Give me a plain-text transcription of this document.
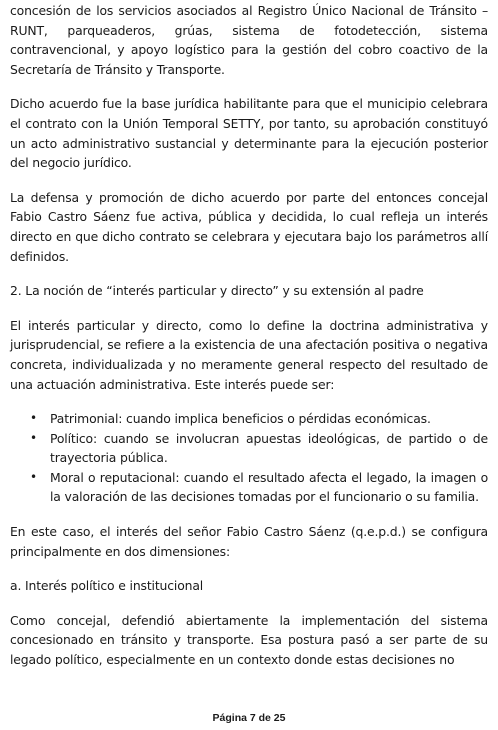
concesión de los servicios asociados al Registro Único Nacional de Tránsito – RUNT, parqueaderos, grúas, sistema de fotodetección, sistema contravencional, y apoyo logístico para la gestión del cobro coactivo de la Secretaría de Tránsito y Transporte.

Dicho acuerdo fue la base jurídica habilitante para que el municipio celebrara el contrato con la Unión Temporal SETTY, por tanto, su aprobación constituyó un acto administrativo sustancial y determinante para la ejecución posterior del negocio jurídico.

La defensa y promoción de dicho acuerdo por parte del entonces concejal Fabio Castro Sáenz fue activa, pública y decidida, lo cual refleja un interés directo en que dicho contrato se celebrara y ejecutara bajo los parámetros allí definidos.

2. La noción de “interés particular y directo” y su extensión al padre

El interés particular y directo, como lo define la doctrina administrativa y jurisprudencial, se refiere a la existencia de una afectación positiva o negativa concreta, individualizada y no meramente general respecto del resultado de una actuación administrativa. Este interés puede ser:

• Patrimonial: cuando implica beneficios o pérdidas económicas.
• Político: cuando se involucran apuestas ideológicas, de partido o de trayectoria pública.
• Moral o reputacional: cuando el resultado afecta el legado, la imagen o la valoración de las decisiones tomadas por el funcionario o su familia.

En este caso, el interés del señor Fabio Castro Sáenz (q.e.p.d.) se configura principalmente en dos dimensiones:

a. Interés político e institucional

Como concejal, defendió abiertamente la implementación del sistema concesionado en tránsito y transporte. Esa postura pasó a ser parte de su legado político, especialmente en un contexto donde estas decisiones no

Página 7 de 25
